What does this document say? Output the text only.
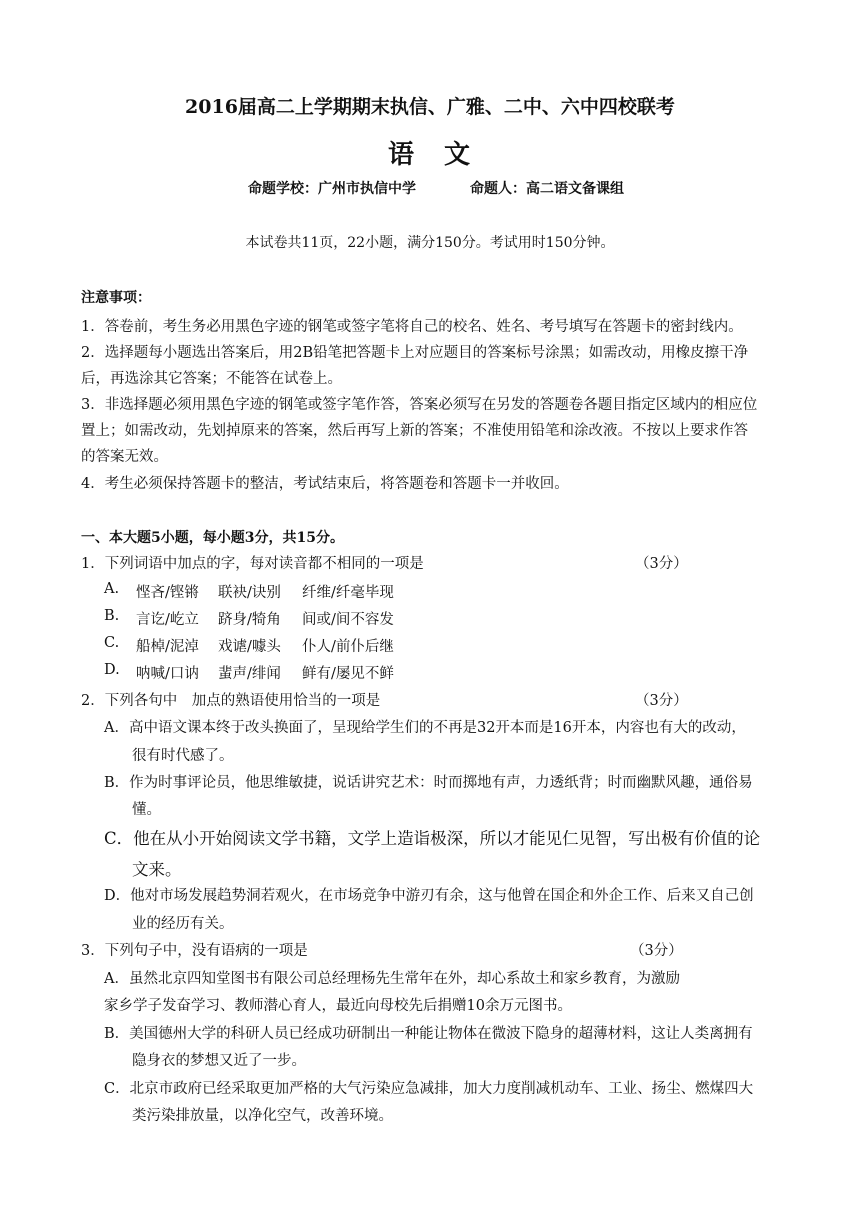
2016届高二上学期期末执信、广雅、二中、六中四校联考
语　文
命题学校：广州市执信中学	命题人：高二语文备课组
本试卷共11页，22小题，满分150分。考试用时150分钟。
注意事项：
1．答卷前，考生务必用黑色字迹的钢笔或签字笔将自己的校名、姓名、考号填写在答题卡的密封线内。
2．选择题每小题选出答案后，用2B铅笔把答题卡上对应题目的答案标号涂黑；如需改动，用橡皮擦干净
后，再选涂其它答案；不能答在试卷上。
3．非选择题必须用黑色字迹的钢笔或签字笔作答，答案必须写在另发的答题卷各题目指定区域内的相应位
置上；如需改动，先划掉原来的答案，然后再写上新的答案；不准使用铅笔和涂改液。不按以上要求作答
的答案无效。
4．考生必须保持答题卡的整洁，考试结束后，将答题卷和答题卡一并收回。
一、本大题5小题，每小题3分，共15分。
1．下列词语中加点的字，每对读音都不相同的一项是	（3分）
A. 悭吝/铿锵 联袂/诀别 纤维/纤毫毕现
B. 言讫/屹立 跻身/犄角 间或/间不容发
C. 船棹/泥淖 戏谑/噱头 仆人/前仆后继
D. 呐喊/口讷 蜚声/绯闻 鲜有/屡见不鲜
2．下列各句中　加点的熟语使用恰当的一项是	（3分）
A．高中语文课本终于改头换面了，呈现给学生们的不再是32开本而是16开本，内容也有大的改动，
很有时代感了。
B．作为时事评论员，他思维敏捷，说话讲究艺术：时而掷地有声，力透纸背；时而幽默风趣，通俗易
懂。
C．他在从小开始阅读文学书籍，文学上造诣极深，所以才能见仁见智，写出极有价值的论
文来。
D．他对市场发展趋势洞若观火，在市场竞争中游刃有余，这与他曾在国企和外企工作、后来又自己创
业的经历有关。
3．下列句子中，没有语病的一项是	（3分）
A．虽然北京四知堂图书有限公司总经理杨先生常年在外，却心系故土和家乡教育，为激励
家乡学子发奋学习、教师潜心育人，最近向母校先后捐赠10余万元图书。
B．美国德州大学的科研人员已经成功研制出一种能让物体在微波下隐身的超薄材料，这让人类离拥有
隐身衣的梦想又近了一步。
C．北京市政府已经采取更加严格的大气污染应急减排，加大力度削减机动车、工业、扬尘、燃煤四大
类污染排放量，以净化空气，改善环境。
